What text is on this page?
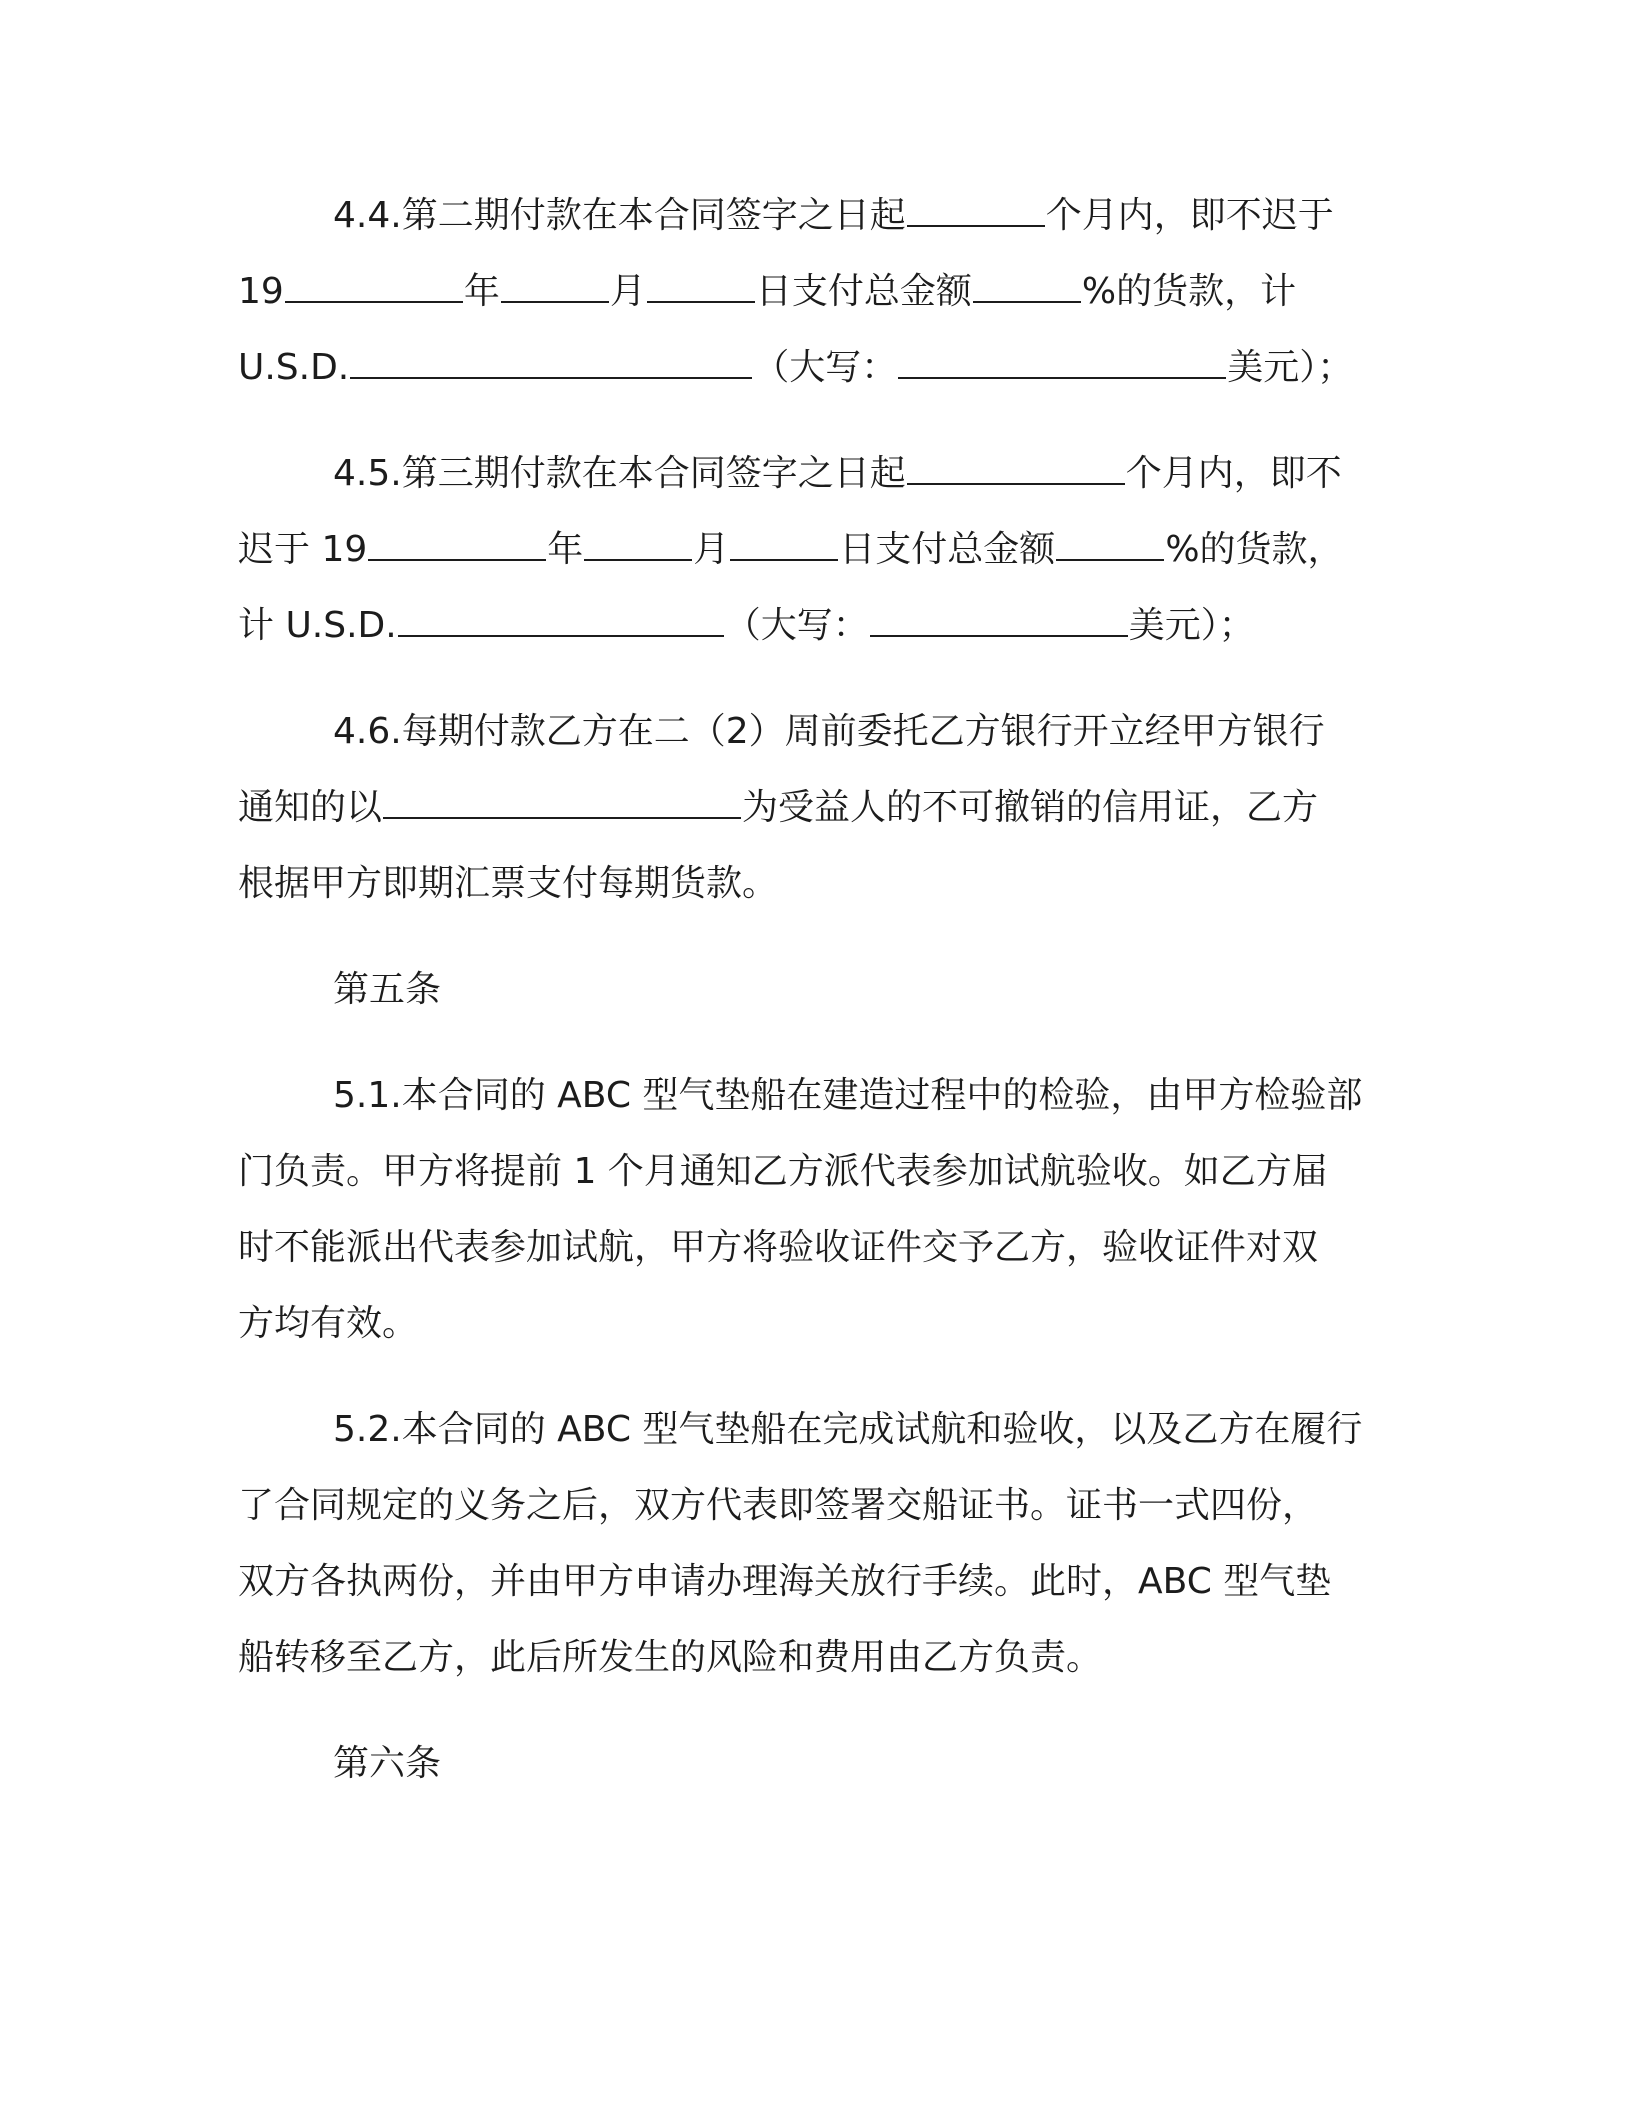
4.4.第二期付款在本合同签字之日起	个月内，即不迟于

19	年	月	日支付总金额	%的货款，计

U.S.D.	（大写：	美元）；

4.5.第三期付款在本合同签字之日起	个月内，即不

迟于 19	年	月	日支付总金额	%的货款，

计 U.S.D.	（大写：	美元）；

4.6.每期付款乙方在二（2）周前委托乙方银行开立经甲方银行

通知的以	为受益人的不可撤销的信用证，乙方

根据甲方即期汇票支付每期货款。

第五条

5.1.本合同的 ABC 型气垫船在建造过程中的检验，由甲方检验部

门负责。甲方将提前 1 个月通知乙方派代表参加试航验收。如乙方届

时不能派出代表参加试航，甲方将验收证件交予乙方，验收证件对双

方均有效。

5.2.本合同的 ABC 型气垫船在完成试航和验收，以及乙方在履行

了合同规定的义务之后，双方代表即签署交船证书。证书一式四份，

双方各执两份，并由甲方申请办理海关放行手续。此时，ABC 型气垫

船转移至乙方，此后所发生的风险和费用由乙方负责。

第六条
